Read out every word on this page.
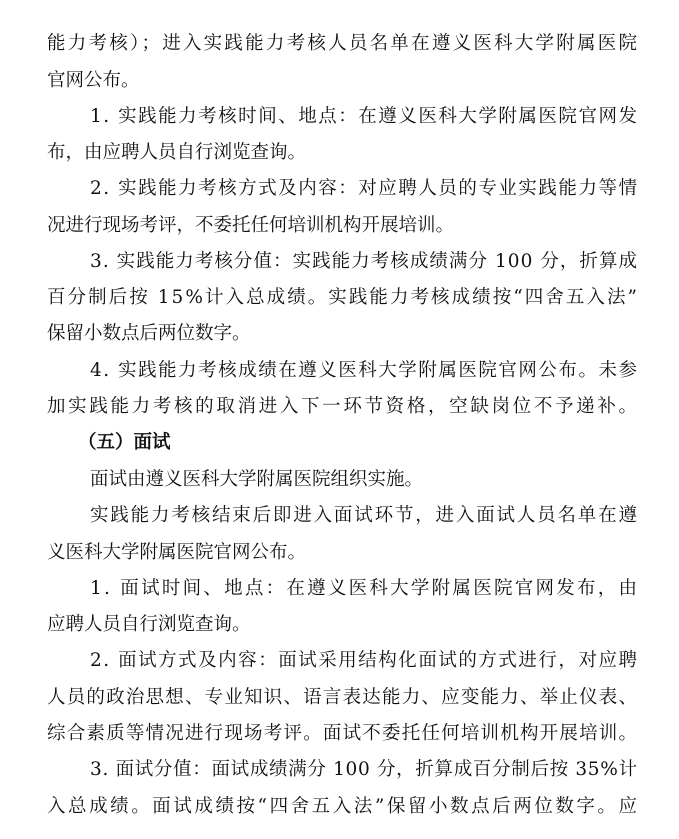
能力考核）；进入实践能力考核人员名单在遵义医科大学附属医院
官网公布。
1. 实践能力考核时间、地点：在遵义医科大学附属医院官网发
布，由应聘人员自行浏览查询。
2. 实践能力考核方式及内容：对应聘人员的专业实践能力等情
况进行现场考评，不委托任何培训机构开展培训。
3. 实践能力考核分值：实践能力考核成绩满分 100 分，折算成
百分制后按 15%计入总成绩。实践能力考核成绩按“四舍五入法”
保留小数点后两位数字。
4. 实践能力考核成绩在遵义医科大学附属医院官网公布。未参
加实践能力考核的取消进入下一环节资格，空缺岗位不予递补。
（五）面试
面试由遵义医科大学附属医院组织实施。
实践能力考核结束后即进入面试环节，进入面试人员名单在遵
义医科大学附属医院官网公布。
1. 面试时间、地点：在遵义医科大学附属医院官网发布，由
应聘人员自行浏览查询。
2. 面试方式及内容：面试采用结构化面试的方式进行，对应聘
人员的政治思想、专业知识、语言表达能力、应变能力、举止仪表、
综合素质等情况进行现场考评。面试不委托任何培训机构开展培训。
3. 面试分值：面试成绩满分 100 分，折算成百分制后按 35%计
入总成绩。面试成绩按“四舍五入法”保留小数点后两位数字。应
